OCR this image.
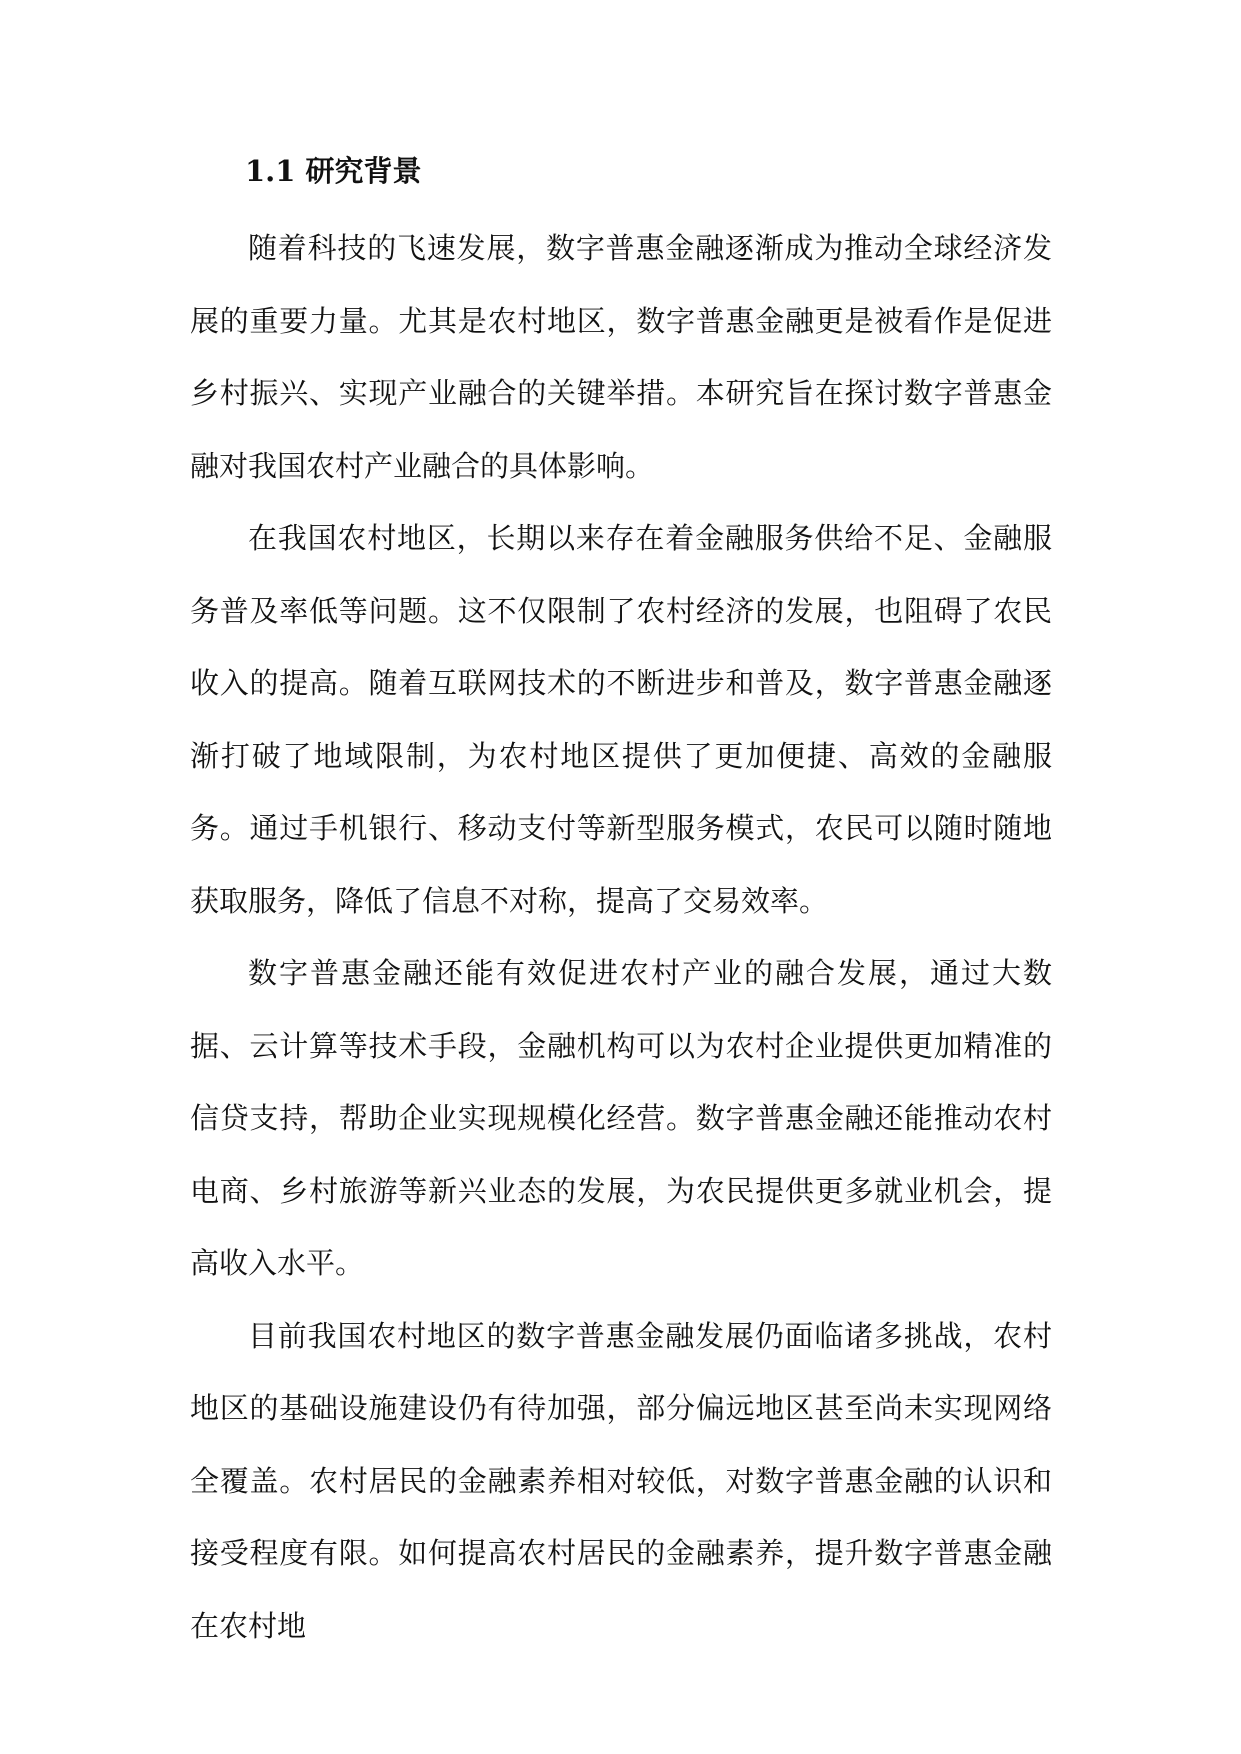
1.1 研究背景

随着科技的飞速发展，数字普惠金融逐渐成为推动全球经济发展的重要力量。尤其是农村地区，数字普惠金融更是被看作是促进乡村振兴、实现产业融合的关键举措。本研究旨在探讨数字普惠金融对我国农村产业融合的具体影响。

在我国农村地区，长期以来存在着金融服务供给不足、金融服务普及率低等问题。这不仅限制了农村经济的发展，也阻碍了农民收入的提高。随着互联网技术的不断进步和普及，数字普惠金融逐渐打破了地域限制，为农村地区提供了更加便捷、高效的金融服务。通过手机银行、移动支付等新型服务模式，农民可以随时随地获取服务，降低了信息不对称，提高了交易效率。

数字普惠金融还能有效促进农村产业的融合发展，通过大数据、云计算等技术手段，金融机构可以为农村企业提供更加精准的信贷支持，帮助企业实现规模化经营。数字普惠金融还能推动农村电商、乡村旅游等新兴业态的发展，为农民提供更多就业机会，提高收入水平。

目前我国农村地区的数字普惠金融发展仍面临诸多挑战，农村地区的基础设施建设仍有待加强，部分偏远地区甚至尚未实现网络全覆盖。农村居民的金融素养相对较低，对数字普惠金融的认识和接受程度有限。如何提高农村居民的金融素养，提升数字普惠金融在农村地
